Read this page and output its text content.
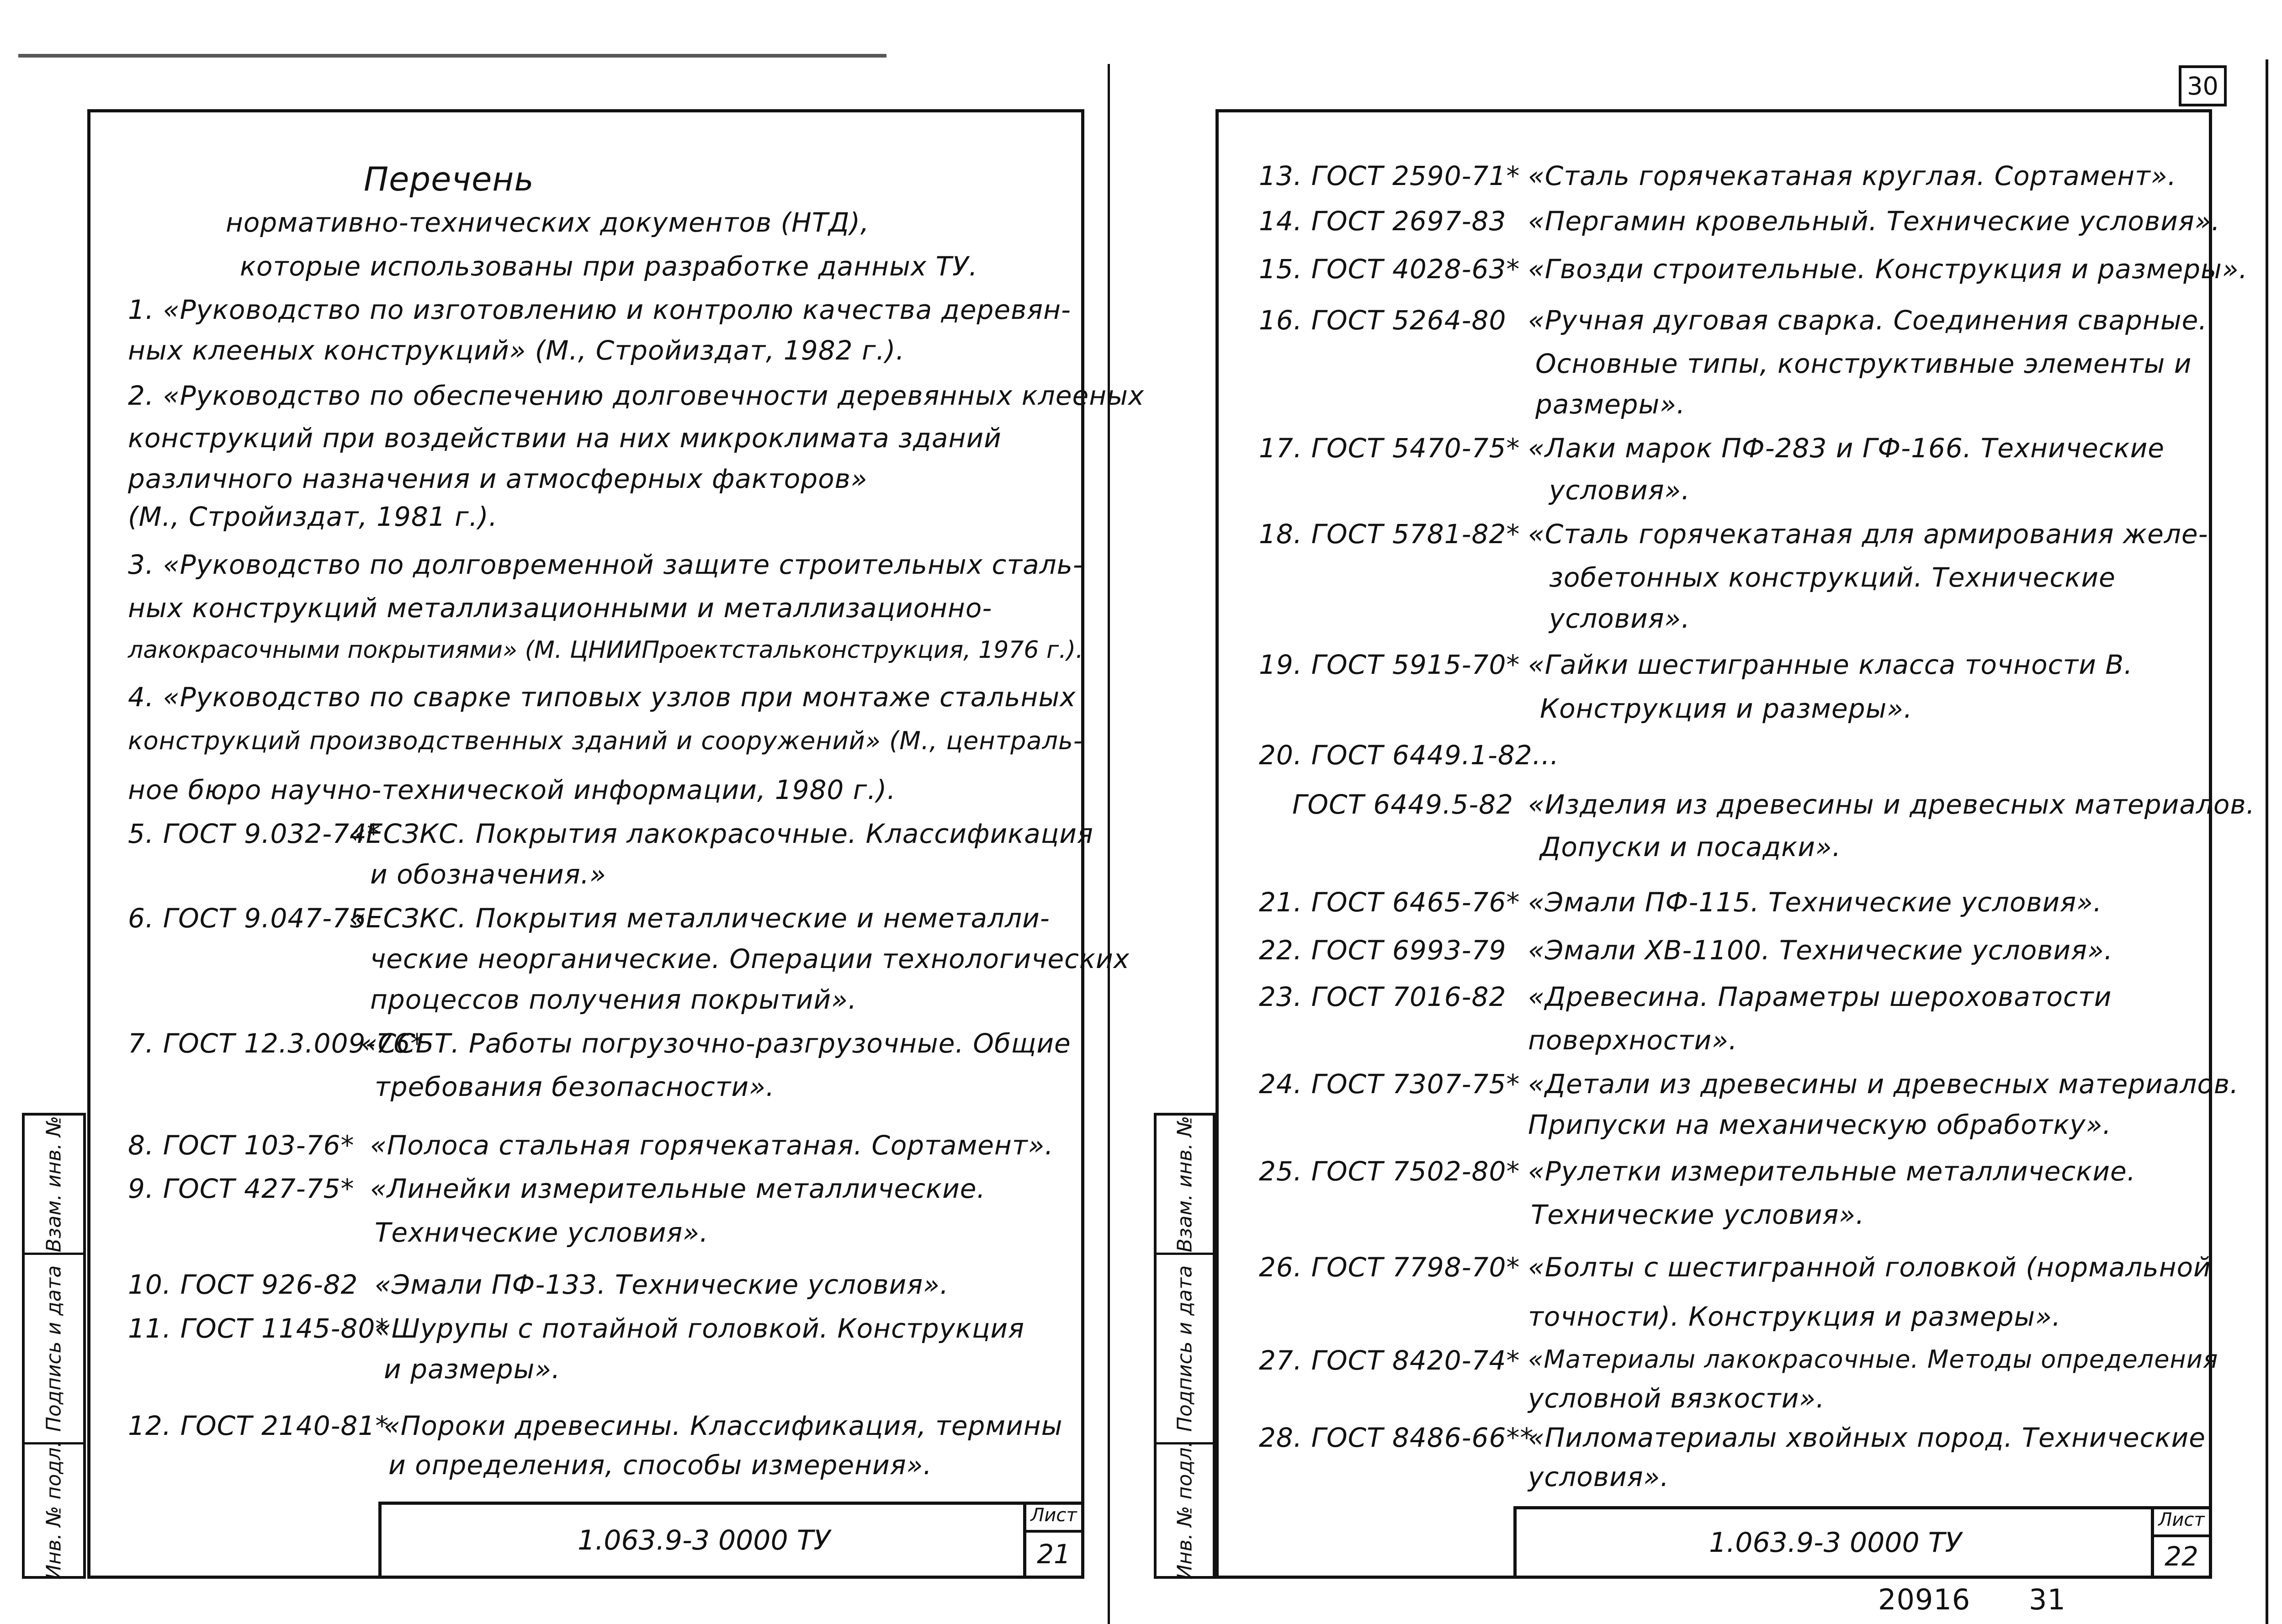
Взам. инв. №
Подпись и дата
Инв. № подл.
Перечень
нормативно-технических документов (НТД),
которые использованы при разработке данных ТУ.
1. «Руководство по изготовлению и контролю качества деревян-
ных клееных конструкций» (М., Стройиздат, 1982 г.).
2. «Руководство по обеспечению долговечности деревянных клееных
конструкций при воздействии на них микроклимата зданий
различного назначения и атмосферных факторов»
(М., Стройиздат, 1981 г.).
3. «Руководство по долговременной защите строительных сталь-
ных конструкций металлизационными и металлизационно-
лакокрасочными покрытиями» (М. ЦНИИПроектстальконструкция, 1976 г.).
4. «Руководство по сварке типовых узлов при монтаже стальных
конструкций производственных зданий и сооружений» (М., централь-
ное бюро научно-технической информации, 1980 г.).
5. ГОСТ 9.032-74*
«ЕСЗКС. Покрытия лакокрасочные. Классификация
и обозначения.»
6. ГОСТ 9.047-75
«ЕСЗКС. Покрытия металлические и неметалли-
ческие неорганические. Операции технологических
процессов получения покрытий».
7. ГОСТ 12.3.009-76*
«ССБТ. Работы погрузочно-разгрузочные. Общие
требования безопасности».
8. ГОСТ 103-76* «Полоса стальная горячекатаная. Сортамент».
9. ГОСТ 427-75* «Линейки измерительные металлические.
Технические условия».
10. ГОСТ 926-82 «Эмали ПФ-133. Технические условия».
11. ГОСТ 1145-80*
«Шурупы с потайной головкой. Конструкция
и размеры».
12. ГОСТ 2140-81*
«Пороки древесины. Классификация, термины
и определения, способы измерения».
1.063.9-3 0000 ТУ
Лист
21
30
Взам. инв. №
Подпись и дата
Инв. № подл.
13. ГОСТ 2590-71* «Сталь горячекатаная круглая. Сортамент».
14. ГОСТ 2697-83 «Пергамин кровельный. Технические условия».
15. ГОСТ 4028-63* «Гвозди строительные. Конструкция и размеры».
16. ГОСТ 5264-80 «Ручная дуговая сварка. Соединения сварные.
Основные типы, конструктивные элементы и
размеры».
17. ГОСТ 5470-75* «Лаки марок ПФ-283 и ГФ-166. Технические
условия».
18. ГОСТ 5781-82* «Сталь горячекатаная для армирования желе-
зобетонных конструкций. Технические
условия».
19. ГОСТ 5915-70* «Гайки шестигранные класса точности В.
Конструкция и размеры».
20. ГОСТ 6449.1-82...
ГОСТ 6449.5-82 «Изделия из древесины и древесных материалов.
Допуски и посадки».
21. ГОСТ 6465-76* «Эмали ПФ-115. Технические условия».
22. ГОСТ 6993-79 «Эмали ХВ-1100. Технические условия».
23. ГОСТ 7016-82 «Древесина. Параметры шероховатости
поверхности».
24. ГОСТ 7307-75* «Детали из древесины и древесных материалов.
Припуски на механическую обработку».
25. ГОСТ 7502-80* «Рулетки измерительные металлические.
Технические условия».
26. ГОСТ 7798-70* «Болты с шестигранной головкой (нормальной
точности). Конструкция и размеры».
27. ГОСТ 8420-74* «Материалы лакокрасочные. Методы определения
условной вязкости».
28. ГОСТ 8486-66**
«Пиломатериалы хвойных пород. Технические
условия».
1.063.9-3 0000 ТУ
Лист
22
20916 31
